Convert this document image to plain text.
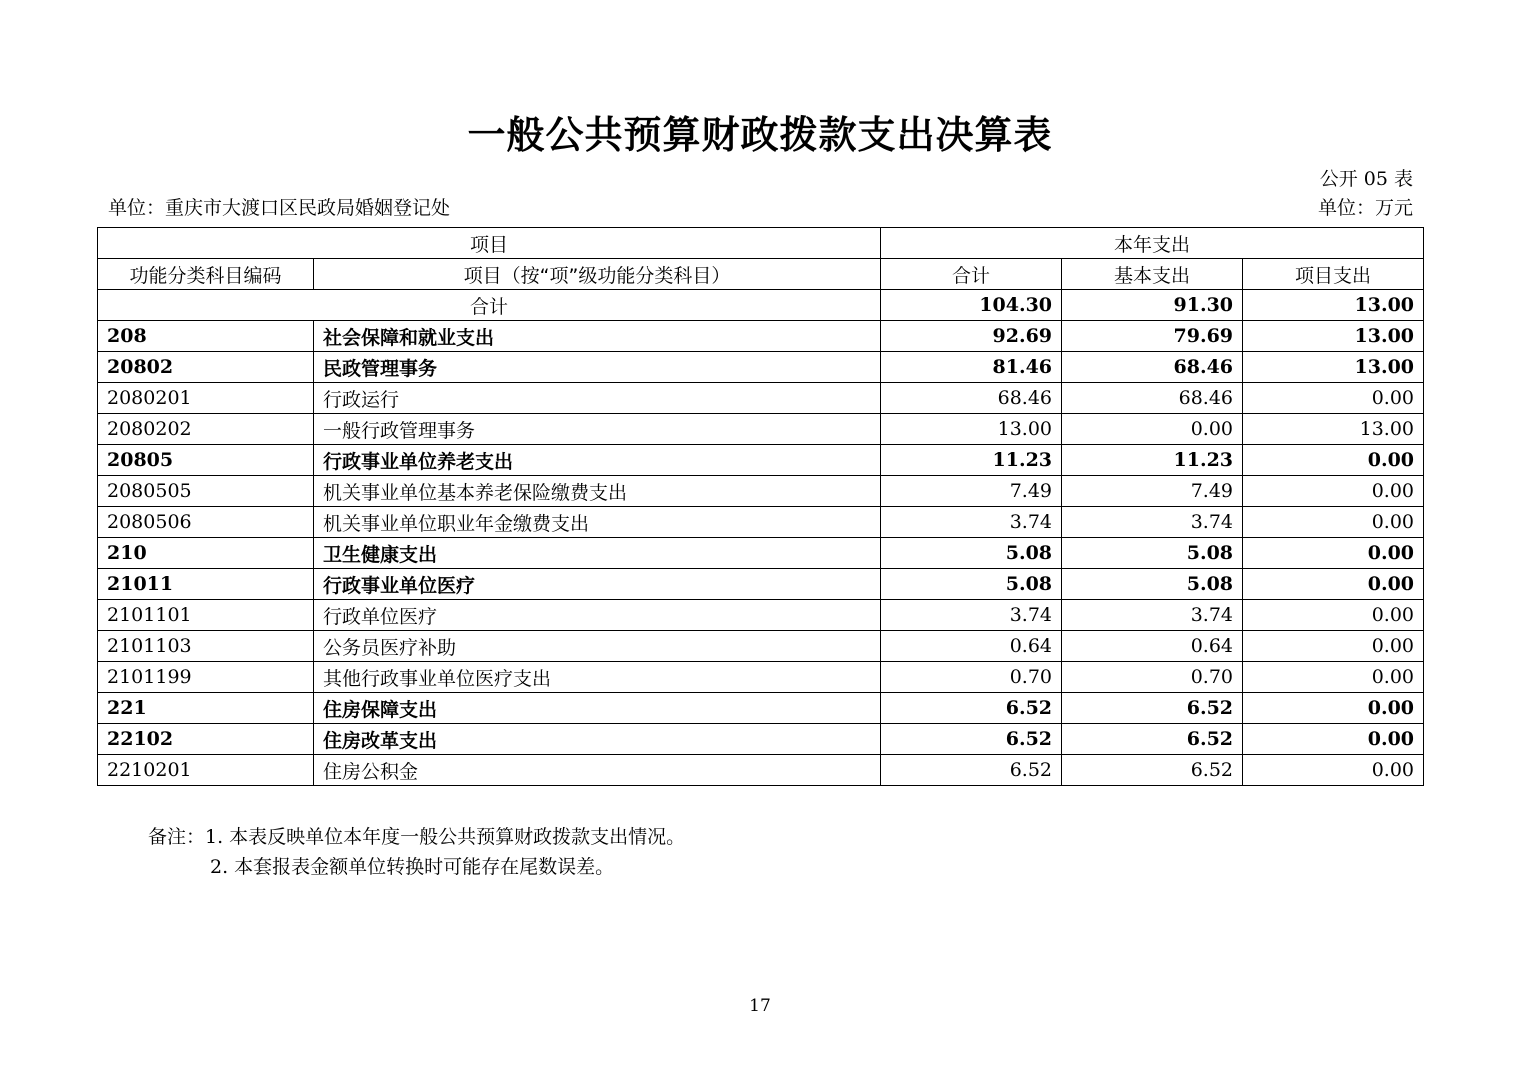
一般公共预算财政拨款支出决算表
公开 05 表
单位：重庆市大渡口区民政局婚姻登记处	单位：万元
项目		本年支出		
功能分类科目编码	项目（按“项”级功能分类科目）	合计	基本支出	项目支出
合计		104.30	91.30	13.00
208	社会保障和就业支出	92.69	79.69	13.00
20802	民政管理事务	81.46	68.46	13.00
2080201	行政运行	68.46	68.46	0.00
2080202	一般行政管理事务	13.00	0.00	13.00
20805	行政事业单位养老支出	11.23	11.23	0.00
2080505	机关事业单位基本养老保险缴费支出	7.49	7.49	0.00
2080506	机关事业单位职业年金缴费支出	3.74	3.74	0.00
210	卫生健康支出	5.08	5.08	0.00
21011	行政事业单位医疗	5.08	5.08	0.00
2101101	行政单位医疗	3.74	3.74	0.00
2101103	公务员医疗补助	0.64	0.64	0.00
2101199	其他行政事业单位医疗支出	0.70	0.70	0.00
221	住房保障支出	6.52	6.52	0.00
22102	住房改革支出	6.52	6.52	0.00
2210201	住房公积金	6.52	6.52	0.00
备注：1. 本表反映单位本年度一般公共预算财政拨款支出情况。
2. 本套报表金额单位转换时可能存在尾数误差。
17
